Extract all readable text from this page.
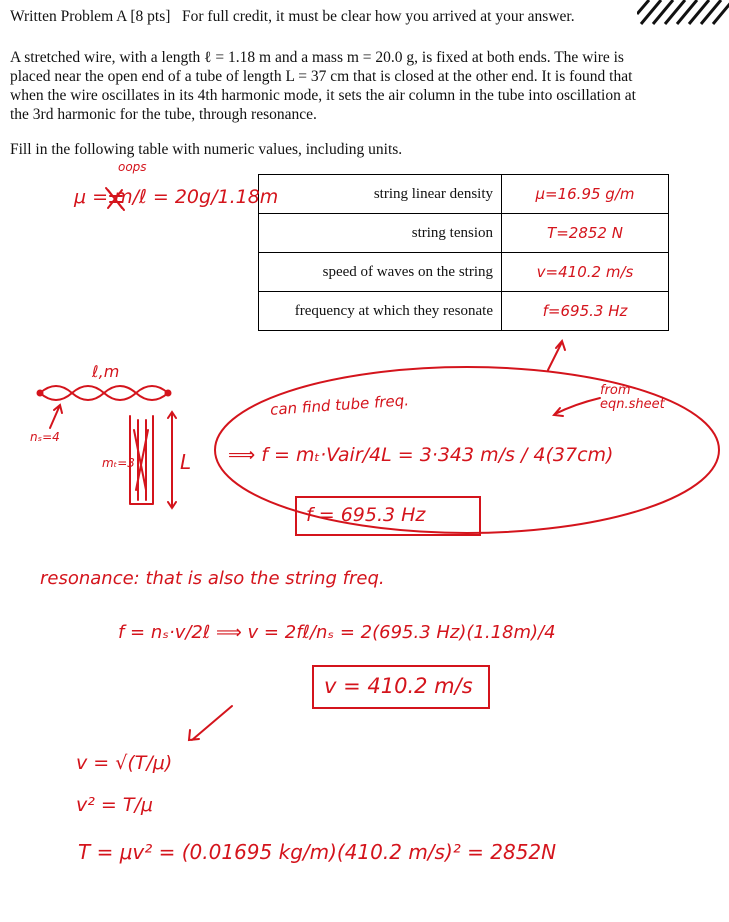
Written Problem A [8 pts] For full credit, it must be clear how you arrived at your answer.
A stretched wire, with a length ℓ = 1.18 m and a mass m = 20.0 g, is fixed at both ends. The wire is placed near the open end of a tube of length L = 37 cm that is closed at the other end. It is found that when the wire oscillates in its 4th harmonic mode, it sets the air column in the tube into oscillation at the 3rd harmonic for the tube, through resonance.
Fill in the following table with numeric values, including units.
string linear density	μ=16.95 g/m
string tension	T=2852 N
speed of waves on the string	v=410.2 m/s
frequency at which they resonate	f=695.3 Hz
oops
μ = m/ℓ = 20g/1.18m
ℓ,m
nₛ=4
mₜ=3 L
can find tube freq.
from eqn.sheet
⟹ f = mₜ·Vair/4L = 3·343 m/s / 4(37cm)
f = 695.3 Hz
resonance: that is also the string freq.
f = nₛ·v/2ℓ ⟹ v = 2fℓ/nₛ = 2(695.3 Hz)(1.18m)/4
v = 410.2 m/s
v = √(T/μ)
v² = T/μ
T = μv² = (0.01695 kg/m)(410.2 m/s)² = 2852N
